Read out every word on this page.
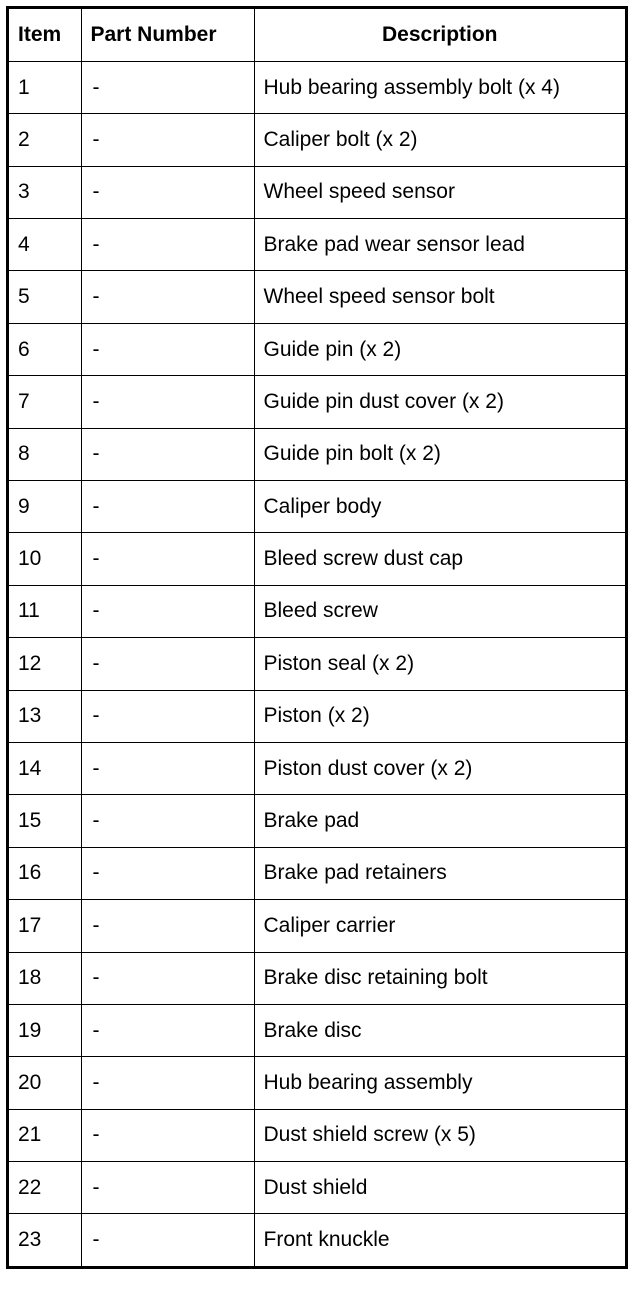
Item	Part Number	Description
1	-	Hub bearing assembly bolt (x 4)
2	-	Caliper bolt (x 2)
3	-	Wheel speed sensor
4	-	Brake pad wear sensor lead
5	-	Wheel speed sensor bolt
6	-	Guide pin (x 2)
7	-	Guide pin dust cover (x 2)
8	-	Guide pin bolt (x 2)
9	-	Caliper body
10	-	Bleed screw dust cap
11	-	Bleed screw
12	-	Piston seal (x 2)
13	-	Piston (x 2)
14	-	Piston dust cover (x 2)
15	-	Brake pad
16	-	Brake pad retainers
17	-	Caliper carrier
18	-	Brake disc retaining bolt
19	-	Brake disc
20	-	Hub bearing assembly
21	-	Dust shield screw (x 5)
22	-	Dust shield
23	-	Front knuckle
